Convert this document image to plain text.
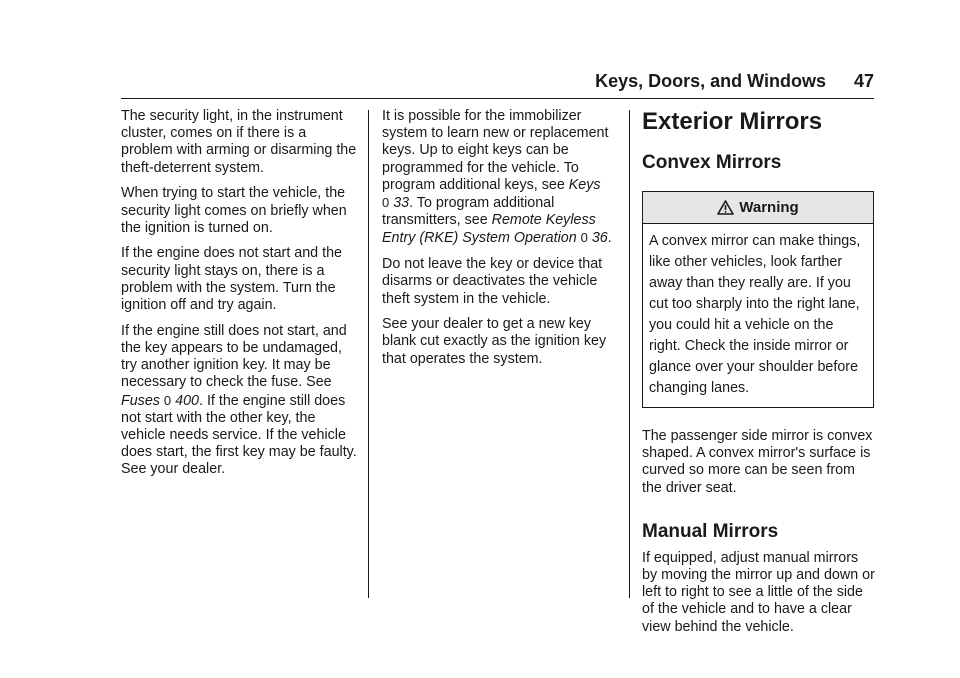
Keys, Doors, and Windows	47

The security light, in the instrument cluster, comes on if there is a problem with arming or disarming the theft-deterrent system.

When trying to start the vehicle, the security light comes on briefly when the ignition is turned on.

If the engine does not start and the security light stays on, there is a problem with the system. Turn the ignition off and try again.

If the engine still does not start, and the key appears to be undamaged, try another ignition key. It may be necessary to check the fuse. See Fuses 0 400. If the engine still does not start with the other key, the vehicle needs service. If the vehicle does start, the first key may be faulty. See your dealer.

It is possible for the immobilizer system to learn new or replacement keys. Up to eight keys can be programmed for the vehicle. To program additional keys, see Keys
0 33. To program additional transmitters, see Remote Keyless Entry (RKE) System Operation 0 36.

Do not leave the key or device that disarms or deactivates the vehicle theft system in the vehicle.

See your dealer to get a new key blank cut exactly as the ignition key that operates the system.

Exterior Mirrors
Convex Mirrors
Warning
A convex mirror can make things, like other vehicles, look farther away than they really are. If you cut too sharply into the right lane, you could hit a vehicle on the right. Check the inside mirror or glance over your shoulder before changing lanes.

The passenger side mirror is convex shaped. A convex mirror's surface is curved so more can be seen from the driver seat.

Manual Mirrors

If equipped, adjust manual mirrors by moving the mirror up and down or left to right to see a little of the side of the vehicle and to have a clear view behind the vehicle.
